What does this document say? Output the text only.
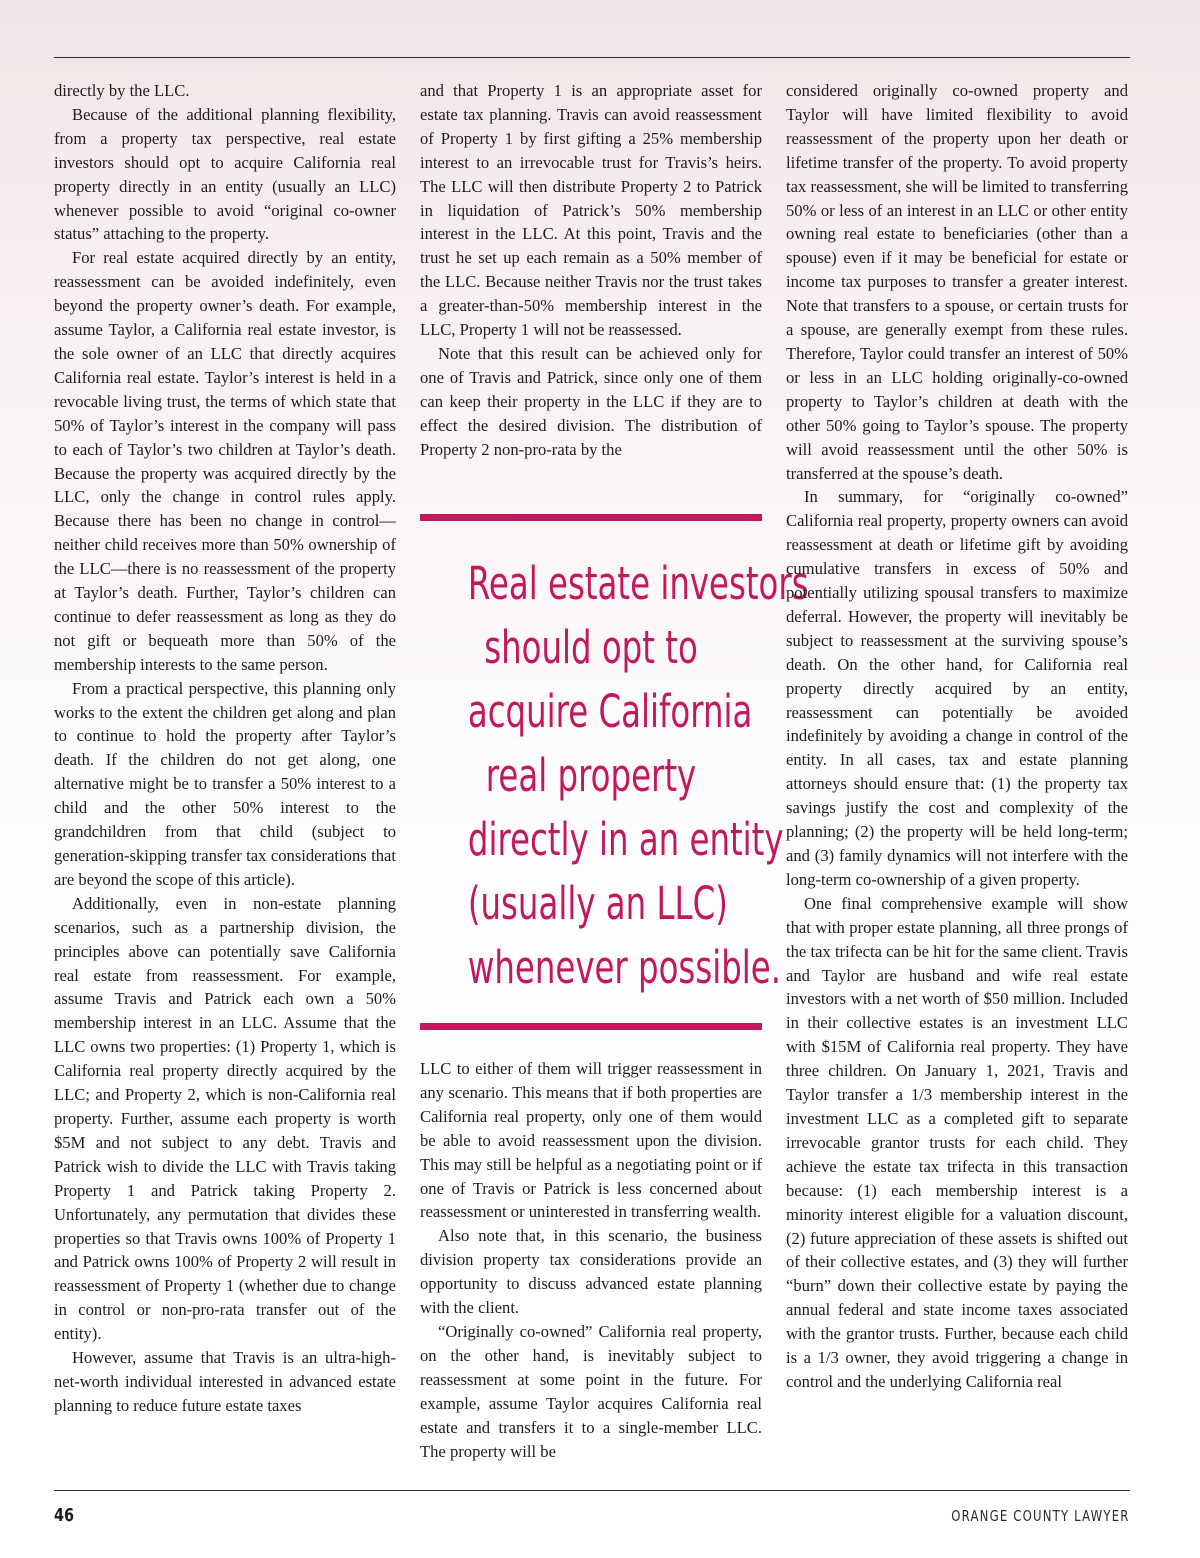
directly by the LLC.

Because of the additional planning flexibility, from a property tax perspective, real estate investors should opt to acquire California real property directly in an entity (usually an LLC) whenever possible to avoid “original co-owner status” attaching to the property.

For real estate acquired directly by an entity, reassessment can be avoided indefinitely, even beyond the property owner’s death. For example, assume Taylor, a California real estate investor, is the sole owner of an LLC that directly acquires California real estate. Taylor’s interest is held in a revocable living trust, the terms of which state that 50% of Taylor’s interest in the company will pass to each of Taylor’s two children at Taylor’s death. Because the property was acquired directly by the LLC, only the change in control rules apply. Because there has been no change in control—neither child receives more than 50% ownership of the LLC—there is no reassessment of the property at Taylor’s death. Further, Taylor’s children can continue to defer reassessment as long as they do not gift or bequeath more than 50% of the membership interests to the same person.

From a practical perspective, this planning only works to the extent the children get along and plan to continue to hold the property after Taylor’s death. If the children do not get along, one alternative might be to transfer a 50% interest to a child and the other 50% interest to the grandchildren from that child (subject to generation-skipping transfer tax considerations that are beyond the scope of this article).

Additionally, even in non-estate planning scenarios, such as a partnership division, the principles above can potentially save California real estate from reassessment. For example, assume Travis and Patrick each own a 50% membership interest in an LLC. Assume that the LLC owns two properties: (1) Property 1, which is California real property directly acquired by the LLC; and Property 2, which is non-California real property. Further, assume each property is worth $5M and not subject to any debt. Travis and Patrick wish to divide the LLC with Travis taking Property 1 and Patrick taking Property 2. Unfortunately, any permutation that divides these properties so that Travis owns 100% of Property 1 and Patrick owns 100% of Property 2 will result in reassessment of Property 1 (whether due to change in control or non-pro-rata transfer out of the entity).

However, assume that Travis is an ultra-high-net-worth individual interested in advanced estate planning to reduce future estate taxes

and that Property 1 is an appropriate asset for estate tax planning. Travis can avoid reassessment of Property 1 by first gifting a 25% membership interest to an irrevocable trust for Travis’s heirs. The LLC will then distribute Property 2 to Patrick in liquidation of Patrick’s 50% membership interest in the LLC. At this point, Travis and the trust he set up each remain as a 50% member of the LLC. Because neither Travis nor the trust takes a greater-than-50% membership interest in the LLC, Property 1 will not be reassessed.

Note that this result can be achieved only for one of Travis and Patrick, since only one of them can keep their property in the LLC if they are to effect the desired division. The distribution of Property 2 non-pro-rata by the

Real estate investors
should opt to
acquire California
real property
directly in an entity
(usually an LLC)
whenever possible.

LLC to either of them will trigger reassessment in any scenario. This means that if both properties are California real property, only one of them would be able to avoid reassessment upon the division. This may still be helpful as a negotiating point or if one of Travis or Patrick is less concerned about reassessment or uninterested in transferring wealth.

Also note that, in this scenario, the business division property tax considerations provide an opportunity to discuss advanced estate planning with the client.

“Originally co-owned” California real property, on the other hand, is inevitably subject to reassessment at some point in the future. For example, assume Taylor acquires California real estate and transfers it to a single-member LLC. The property will be

considered originally co-owned property and Taylor will have limited flexibility to avoid reassessment of the property upon her death or lifetime transfer of the property. To avoid property tax reassessment, she will be limited to transferring 50% or less of an interest in an LLC or other entity owning real estate to beneficiaries (other than a spouse) even if it may be beneficial for estate or income tax purposes to transfer a greater interest. Note that transfers to a spouse, or certain trusts for a spouse, are generally exempt from these rules. Therefore, Taylor could transfer an interest of 50% or less in an LLC holding originally-co-owned property to Taylor’s children at death with the other 50% going to Taylor’s spouse. The property will avoid reassessment until the other 50% is transferred at the spouse’s death.

In summary, for “originally co-owned” California real property, property owners can avoid reassessment at death or lifetime gift by avoiding cumulative transfers in excess of 50% and potentially utilizing spousal transfers to maximize deferral. However, the property will inevitably be subject to reassessment at the surviving spouse’s death. On the other hand, for California real property directly acquired by an entity, reassessment can potentially be avoided indefinitely by avoiding a change in control of the entity. In all cases, tax and estate planning attorneys should ensure that: (1) the property tax savings justify the cost and complexity of the planning; (2) the property will be held long-term; and (3) family dynamics will not interfere with the long-term co-ownership of a given property.

One final comprehensive example will show that with proper estate planning, all three prongs of the tax trifecta can be hit for the same client. Travis and Taylor are husband and wife real estate investors with a net worth of $50 million. Included in their collective estates is an investment LLC with $15M of California real property. They have three children. On January 1, 2021, Travis and Taylor transfer a 1/3 membership interest in the investment LLC as a completed gift to separate irrevocable grantor trusts for each child. They achieve the estate tax trifecta in this transaction because: (1) each membership interest is a minority interest eligible for a valuation discount, (2) future appreciation of these assets is shifted out of their collective estates, and (3) they will further “burn” down their collective estate by paying the annual federal and state income taxes associated with the grantor trusts. Further, because each child is a 1/3 owner, they avoid triggering a change in control and the underlying California real

46	ORANGE COUNTY LAWYER
